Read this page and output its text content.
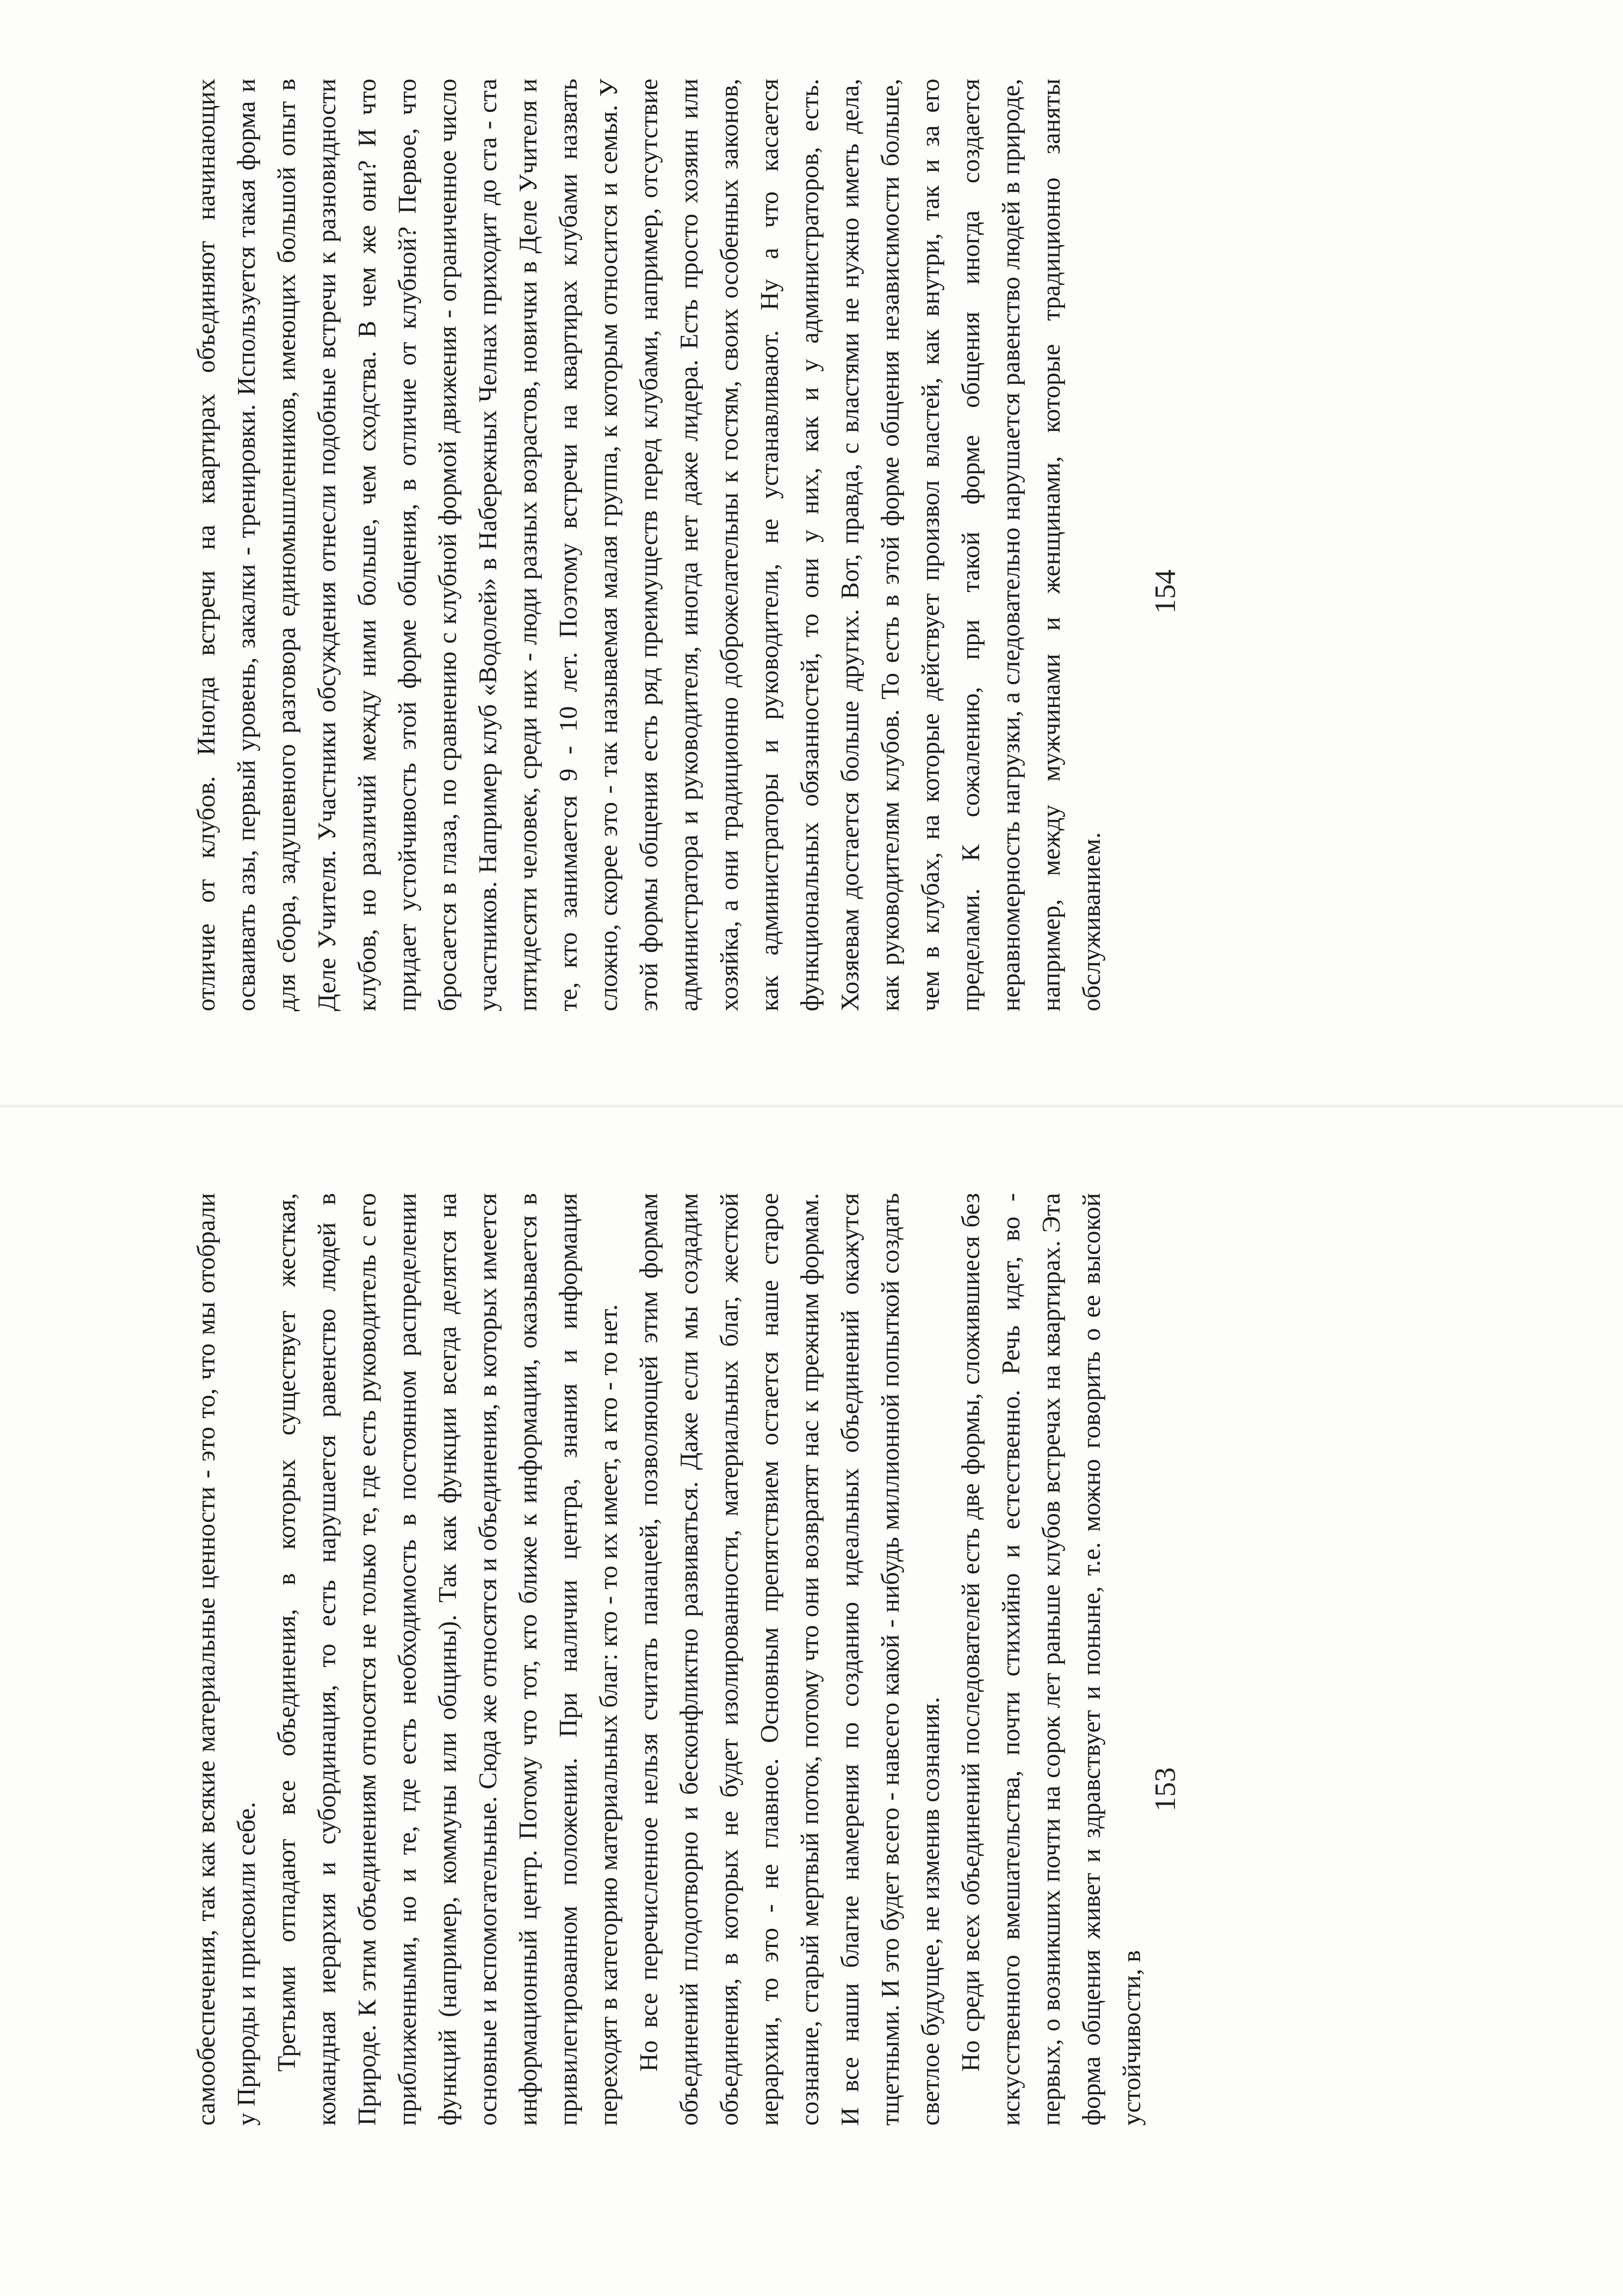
самообеспечения, так как всякие материальные ценности - это то, что мы отобрали у Природы и присвоили себе. Третьими отпадают все объединения, в которых существует жесткая, командная иерархия и субординация, то есть нарушается равенство людей в Природе. К этим объединениям относятся не только те, где есть руководитель с его приближенными, но и те, где есть необходимость в постоянном распределении функций (например, коммуны или общины). Так как функции всегда делятся на основные и вспомогательные. Сюда же относятся и объединения, в которых имеется информационный центр. Потому что тот, кто ближе к информации, оказывается в привилегированном положении. При наличии центра, знания и информация переходят в категорию материальных благ: кто - то их имеет, а кто - то нет. Но все перечисленное нельзя считать панацеей, позволяющей этим формам объединений плодотворно и бесконфликтно развиваться. Даже если мы создадим объединения, в которых не будет изолированности, материальных благ, жесткой иерархии, то это - не главное. Основным препятствием остается наше старое сознание, старый мертвый поток, потому что они возвратят нас к прежним формам. И все наши благие намерения по созданию идеальных объединений окажутся тщетными. И это будет всего - навсего какой - нибудь миллионной попыткой создать светлое будущее, не изменив сознания. Но среди всех объединений последователей есть две формы, сложившиеся без искусственного вмешательства, почти стихийно и естественно. Речь идет, во - первых, о возникших почти на сорок лет раньше клубов встречах на квартирах. Эта форма общения живет и здравствует и поныне, т.е. можно говорить о ее высокой устойчивости, в

153

отличие от клубов. Иногда встречи на квартирах объединяют начинающих осваивать азы, первый уровень, закалки - тренировки. Используется такая форма и для сбора, задушевного разговора единомышленников, имеющих большой опыт в Деле Учителя. Участники обсуждения отнесли подобные встречи к разновидности клубов, но различий между ними больше, чем сходства. В чем же они? И что придает устойчивость этой форме общения, в отличие от клубной? Первое, что бросается в глаза, по сравнению с клубной формой движения - ограниченное число участников. Например клуб «Водолей» в Набережных Челнах приходит до ста - ста пятидесяти человек, среди них - люди разных возрастов, новички в Деле Учителя и те, кто занимается 9 - 10 лет. Поэтому встречи на квартирах клубами назвать сложно, скорее это - так называемая малая группа, к которым относится и семья. У этой формы общения есть ряд преимуществ перед клубами, например, отсутствие администратора и руководителя, иногда нет даже лидера. Есть просто хозяин или хозяйка, а они традиционно доброжелательны к гостям, своих особенных законов, как администраторы и руководители, не устанавливают. Ну а что касается функциональных обязанностей, то они у них, как и у администраторов, есть. Хозяевам достается больше других. Вот, правда, с властями не нужно иметь дела, как руководителям клубов. То есть в этой форме общения независимости больше, чем в клубах, на которые действует произвол властей, как внутри, так и за его пределами. К сожалению, при такой форме общения иногда создается неравномерность нагрузки, а следовательно нарушается равенство людей в природе, например, между мужчинами и женщинами, которые традиционно заняты обслуживанием.

154
